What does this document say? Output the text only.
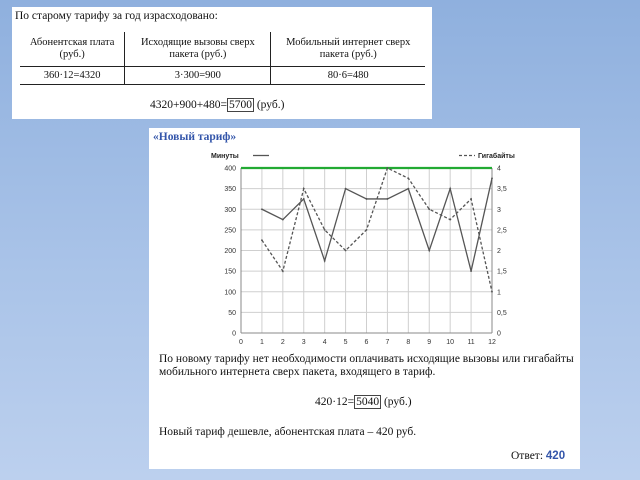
По старому тарифу за год израсходовано:
Абонентская плата (руб.)	Исходящие вызовы сверх пакета (руб.)	Мобильный интернет сверх пакета (руб.)
360·12=4320	3·300=900	80·6=480
4320+900+480= 5700 (руб.)
«Новый тариф»
0 1 2 3 4 5 6 7 8 9 10 11 12
0
50
100
150
200
250
300
350
400
0
0,5
1
1,5
2
2,5
3
3,5
4
Минуты	Гигабайты
По новому тарифу нет необходимости оплачивать исходящие вызовы или гигабайты мобильного интернета сверх пакета, входящего в тариф.
420·12= 5040 (руб.)
Новый тариф дешевле, абонентская плата – 420 руб.
Ответ: 420
